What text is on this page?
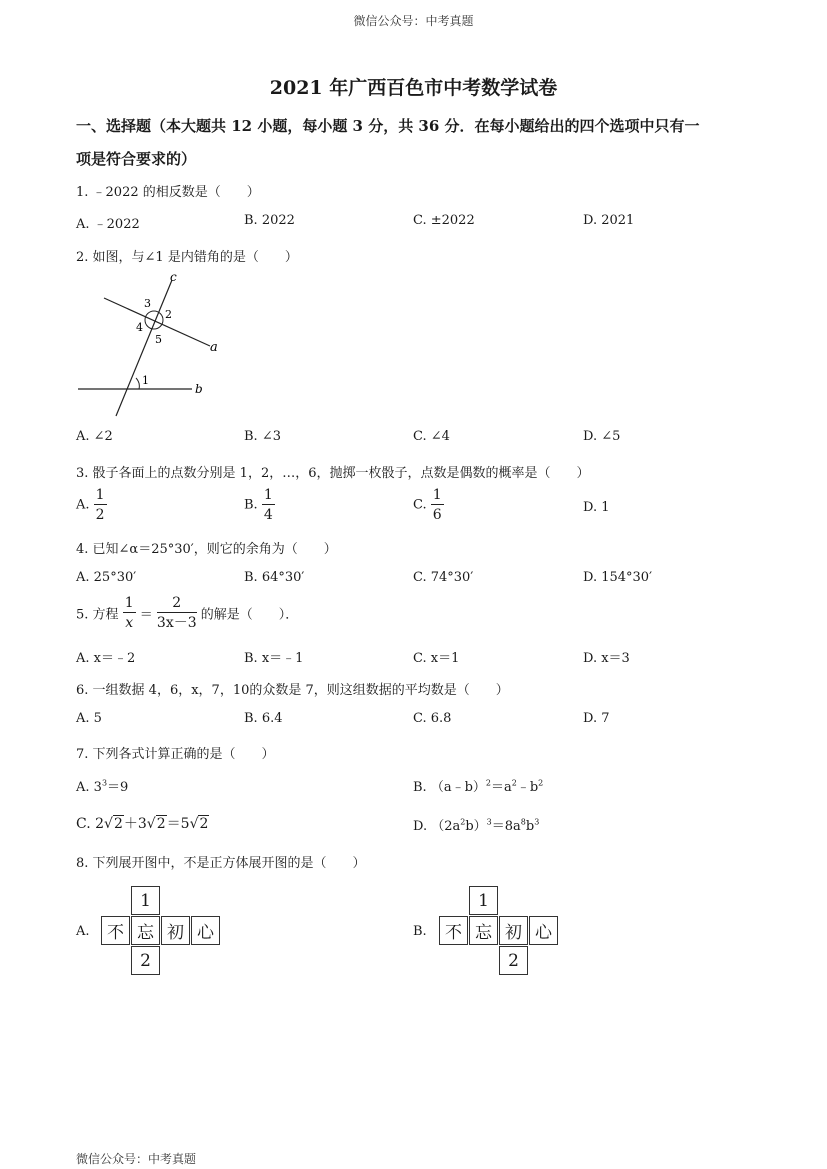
微信公众号：中考真题
2021 年广西百色市中考数学试卷
一、选择题（本大题共 12 小题，每小题 3 分，共 36 分．在每小题给出的四个选项中只有一
项是符合要求的）
1. ﹣2022 的相反数是（　　）
A. ﹣2022	B. 2022	C. ±2022	D. 2021
2. 如图，与∠1 是内错角的是（　　）
c
a
b
1
2
3
4
5
A. ∠2	B. ∠3	C. ∠4	D. ∠5
3. 骰子各面上的点数分别是 1，2，…，6，抛掷一枚骰子，点数是偶数的概率是（　　）
A. $\frac{1}{2}$	B. $\frac{1}{4}$	C. $\frac{1}{6}$	D. 1
4. 已知∠α＝25°30′，则它的余角为（　　）
A. 25°30′	B. 64°30′	C. 74°30′	D. 154°30′
5. 方程 $\frac{1}{x} = \frac{2}{3x-3}$ 的解是（　　）．
A. x＝﹣2	B. x＝﹣1	C. x＝1	D. x＝3
6. 一组数据 4，6，x，7，10的众数是 7，则这组数据的平均数是（　　）
A. 5	B. 6.4	C. 6.8	D. 7
7. 下列各式计算正确的是（　　）
A. $3^3=9$	B. $(a﹣b)^2=a^2﹣b^2$
C. 2√2＋3√2＝5√2	D. $(2a^2b)^3=8a^8b^3$
8. 下列展开图中，不是正方体展开图的是（　　）
A.
1
不 忘 初 心
2
B.
1
不 忘 初 心
2
微信公众号：中考真题
